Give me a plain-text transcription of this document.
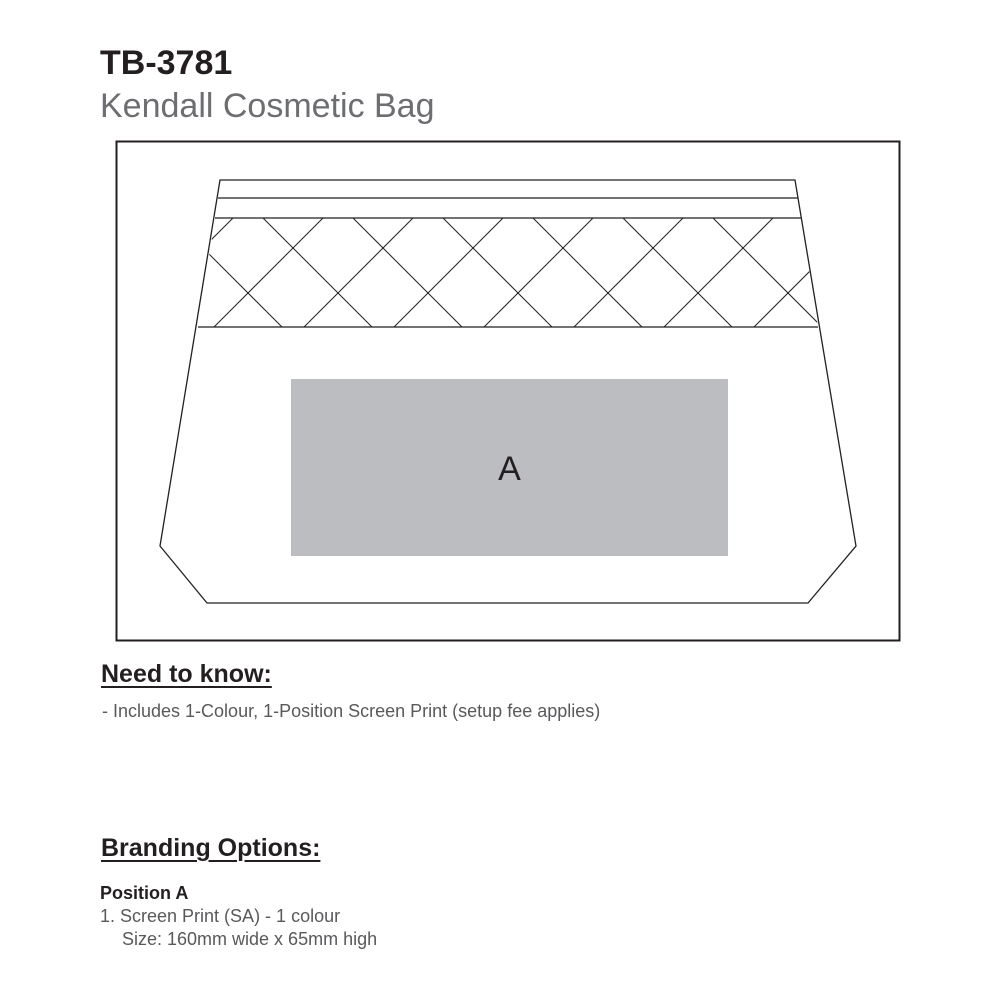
TB-3781
Kendall Cosmetic Bag
A
Need to know:

- Includes 1-Colour, 1-Position Screen Print (setup fee applies)

Branding Options:

Position A

1. Screen Print (SA) - 1 colour

Size: 160mm wide x 65mm high
